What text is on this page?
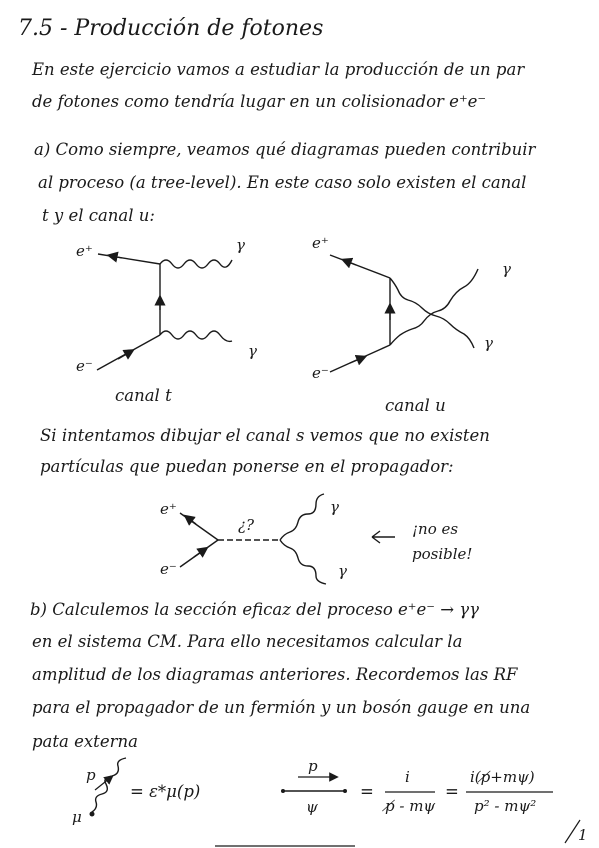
7.5 - Producción de fotones
En este ejercicio vamos a estudiar la producción de un par
de fotones como tendría lugar en un colisionador e⁺e⁻
a) Como siempre, veamos qué diagramas pueden contribuir
al proceso (a tree-level). En este caso solo existen el canal
t y el canal u:
e⁺
e⁻
γ
γ
canal t
e⁺
e⁻
γ
γ
canal u
Si intentamos dibujar el canal s vemos que no existen
partículas que puedan ponerse en el propagador:
e⁺
e⁻
¿?
γ
γ
¡no es
posible!
b) Calculemos la sección eficaz del proceso e⁺e⁻ → γγ
en el sistema CM. Para ello necesitamos calcular la
amplitud de los diagramas anteriores. Recordemos las RF
para el propagador de un fermión y un bosón gauge en una
pata externa
p
μ
= ε*μ(p)
p
ψ
=
i
p̸ - mψ
=
i(p̸+mψ)
p² - mψ²
1
